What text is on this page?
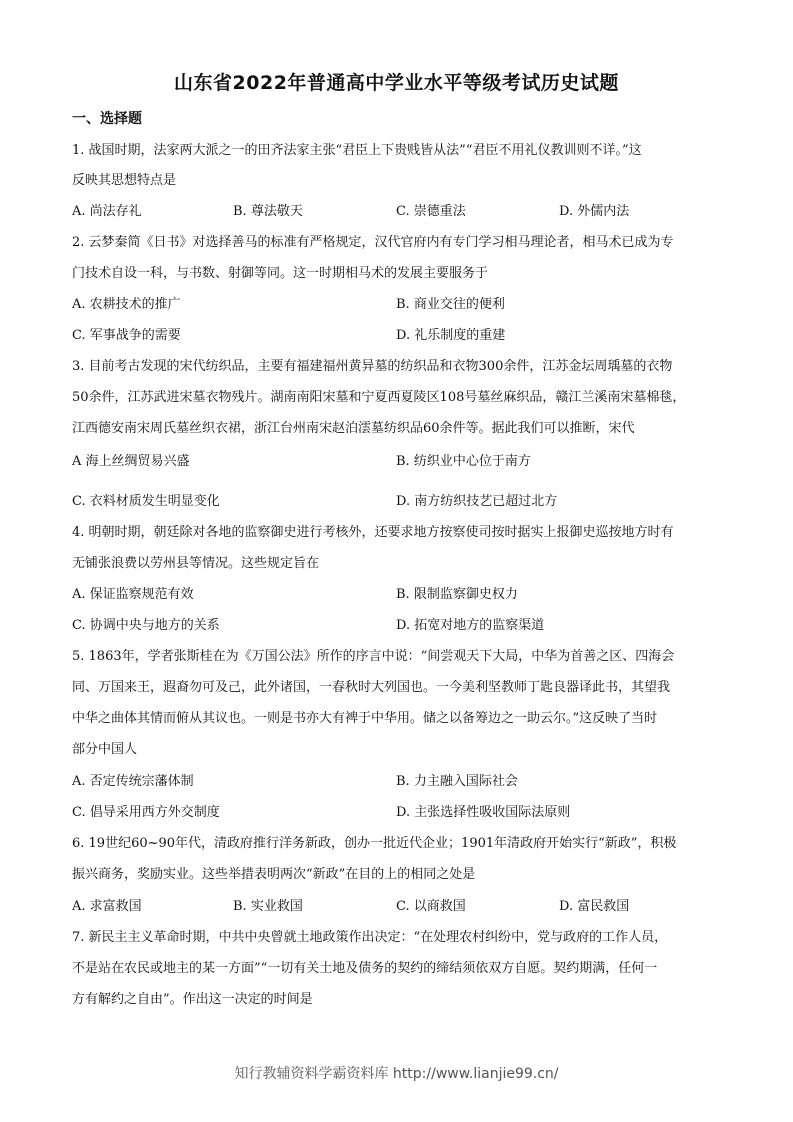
山东省2022年普通高中学业水平等级考试历史试题
一、选择题
1. 战国时期，法家两大派之一的田齐法家主张“君臣上下贵贱皆从法”“君臣不用礼仪教训则不详。”这
反映其思想特点是
A. 尚法存礼	B. 尊法敬天	C. 崇德重法	D. 外儒内法
2. 云梦秦简《日书》对选择善马的标准有严格规定，汉代官府内有专门学习相马理论者，相马术已成为专
门技术自设一科，与书数、射御等同。这一时期相马术的发展主要服务于
A. 农耕技术的推广	B. 商业交往的便利
C. 军事战争的需要	D. 礼乐制度的重建
3. 目前考古发现的宋代纺织品，主要有福建福州黄异墓的纺织品和衣物300余件，江苏金坛周瑀墓的衣物
50余件，江苏武进宋墓衣物残片。湖南南阳宋墓和宁夏西夏陵区108号墓丝麻织品，赣江兰溪南宋墓棉毯，
江西德安南宋周氏墓丝织衣裙，浙江台州南宋赵泊澐墓纺织品60余件等。据此我们可以推断，宋代
A 海上丝绸贸易兴盛	B. 纺织业中心位于南方
C. 衣料材质发生明显变化	D. 南方纺织技艺已超过北方
4. 明朝时期，朝廷除对各地的监察御史进行考核外，还要求地方按察使司按时据实上报御史巡按地方时有
无铺张浪费以劳州县等情况。这些规定旨在
A. 保证监察规范有效	B. 限制监察御史权力
C. 协调中央与地方的关系	D. 拓宽对地方的监察渠道
5. 1863年，学者张斯桂在为《万国公法》所作的序言中说：“间尝观天下大局，中华为首善之区、四海会
同、万国来王，遐裔勿可及己，此外诸国，一春秋时大列国也。一今美利坚教师丁匙良器译此书，其望我
中华之曲体其情而俯从其议也。一则是书亦大有裨于中华用。储之以备筹边之一助云尔。”这反映了当时
部分中国人
A. 否定传统宗藩体制	B. 力主融入国际社会
C. 倡导采用西方外交制度	D. 主张选择性吸收国际法原则
6. 19世纪60~90年代，清政府推行洋务新政，创办一批近代企业；1901年清政府开始实行“新政”，积极
振兴商务，奖励实业。这些举措表明两次“新政”在目的上的相同之处是
A. 求富救国	B. 实业救国	C. 以商救国	D. 富民救国
7. 新民主主义革命时期，中共中央曾就土地政策作出决定：“在处理农村纠纷中，党与政府的工作人员，
不是站在农民或地主的某一方面”“一切有关土地及债务的契约的缔结须依双方自愿。契约期满，任何一
方有解约之自由”。作出这一决定的时间是
知行教辅资料学霸资料库 http://www.lianjie99.cn/
